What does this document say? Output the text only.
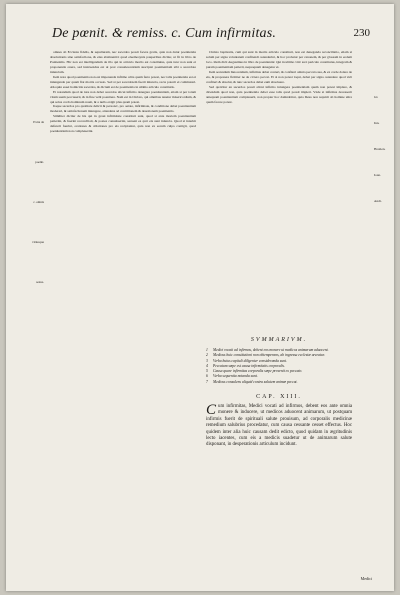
De pœnit. & remiss. c. Cum infirmitas.	230
Extra de
poenit.
c. omnis
vtriusque
sexus.

omnes ab Ecclesia fidelis, & sepulturam, nec sacerdos possit facere gratis, quia non datur poenitentia absolutionis sine satisfactione, & eius abstinentiæ quod eleemosynis pauperibus dicitur, ut fit in libro de Ponitentiis. Hic non est intelligendum de illo qui in articulo mortis est constitutus, quia tunc non sunt ei proponenda onera, sed instruendus est ut post conualescentiam suscipiat poenitentiam sibi a sacerdote iniunctam.

Item nota quod poenitentia non est imponenda infirmo ultra quam ferre potest, nec talis poenitentia est ei iniungenda per quam fiat mortis occasio. Sed si per sacerdotem fuerit iniuncta, recte poterit ei commutari. Alioquin esset homicida sacerdos, & dictum est de poenitentia in ultimo articulo constitutis.

Et notandum quod de iure non debet sacerdos alicui infirmo denegare poenitentiam, etiam si per totam vitam suam peccauerit, & in fine velit poenitere. Nam est in Christo, qui omnibus tenetur misericordiam, & qui solus corda hominum nouit, & a nullo exigit plus quam potest.

Itaque sacerdos pro qualitate delicti & personæ, pro aetate, infirmitate, & conditione debet poenitentiam moderari, & satisfactionem iniungere, attendens ad contritionem & deuotionem poenitentis.

Similiter dicitur de his qui in graui infirmitate constituti sunt, quod si ante mortem poenitentiam petierint, & fuerint reconciliati, & postea conualuerint, seruent ea quæ eis sunt iniuncta. Quod si interim defuncti fuerint, orationes & oblationes pro eis recipiantur, quia non ex eorum culpa contigit, quod poenitentiam non compleuerint.

Christo baptizatis, cum qui sunt in mortis articulo constituti, non est deneganda reconciliatio, etiam si solum per signa voluntatem confitendi ostenderint, & hoc probatur per canonem, & per glossam in eodem loco. Idem dicit Augustinus in libro de poenitentia: Qui in ultimo vitæ suæ periculo constitutus, integram & puram poenitentiam petierit, nequaquam denegetur ei.

Item secundum Innocentium, infirmus debet conteri, & confiteri omnia peccata sua, & ex corde dolere de eis, & proponere firmiter ne de cætero peccet. Et si non potest loqui, debet per signa ostendere quod vult confiteri & absolui, & tunc sacerdos debet eum absoluere.

Sed quæritur an sacerdos possit alicui infirmo iniungere poenitentiam quam non potest implere, & dicendum quod non, quia poenitentia debet esse talis quod possit impleri. Vnde si infirmus decesserit antequam poenitentiam compleuerit, non propter hoc damnabitur, quia Deus non requirit ab homine ultra quam facere potest.

SVMMARIVM.
1	Medici vocati ad infirmos, debent eos monere ut medicos animarum aduocent.
2	Medicus huic constitutioni non obtemperans, ab ingressu ecclesiæ arceatur.
3	Verba huius capituli diligenter consideranda sunt.
4	Peccatum sæpe est causa infirmitatis corporalis.
5	Causa quare infirmitas corporalis sæpe provenit ex peccato.
6	Verba sequentia notanda sunt.
7	Medicus consulens aliquid contra salutem animæ peccat.
CAP. XIII.
C um infirmitas, Medici vocati ad infirmos, debent eos ante omnia monere & inducere, ut medicos aduocent animarum, ut postquam infirmis fuerit de spirituali salute prouisum, ad corporalis medicinæ remedium salubrius procedatur, cum causa cessante cesset effectus. Hoc quidem inter alia huic causam dedit edicto, quod quidam in ægritudinis lecto iacentes, cum eis a medicis suadetur ut de animarum salute disponant, in desperationis articulum incidunt.
Gl.
Inn.
Hostien.
Ioan.
Andr.
Medici
